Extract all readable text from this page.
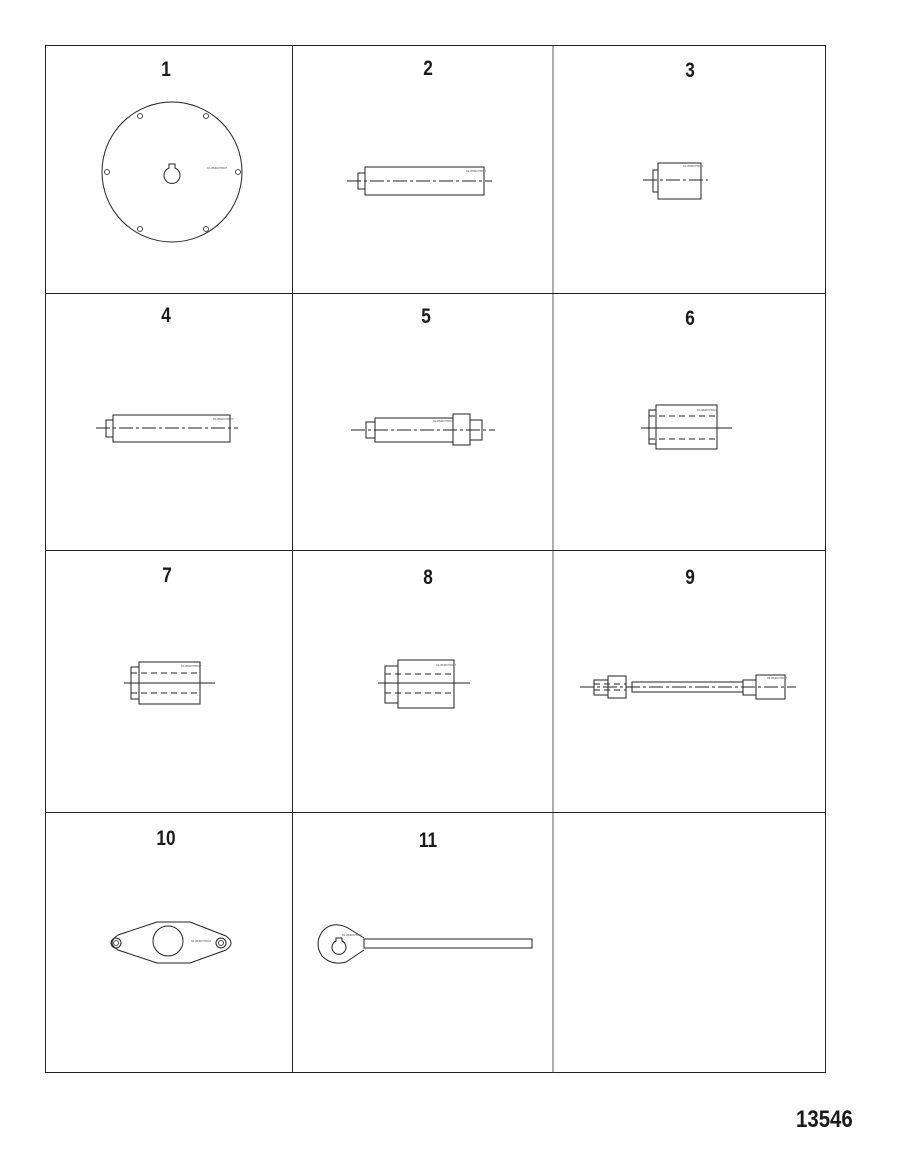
1	2	3
4	5	6
7	8	9
10	11
91-8M0075847
91-8M0075847
91-8M0075847
91-8M0075847	91-8M0075847
91-8M0075847
91-8M0075847	91-8M0075847
91-8M0075847
91-8M0075847
91-8M0075847
13546
